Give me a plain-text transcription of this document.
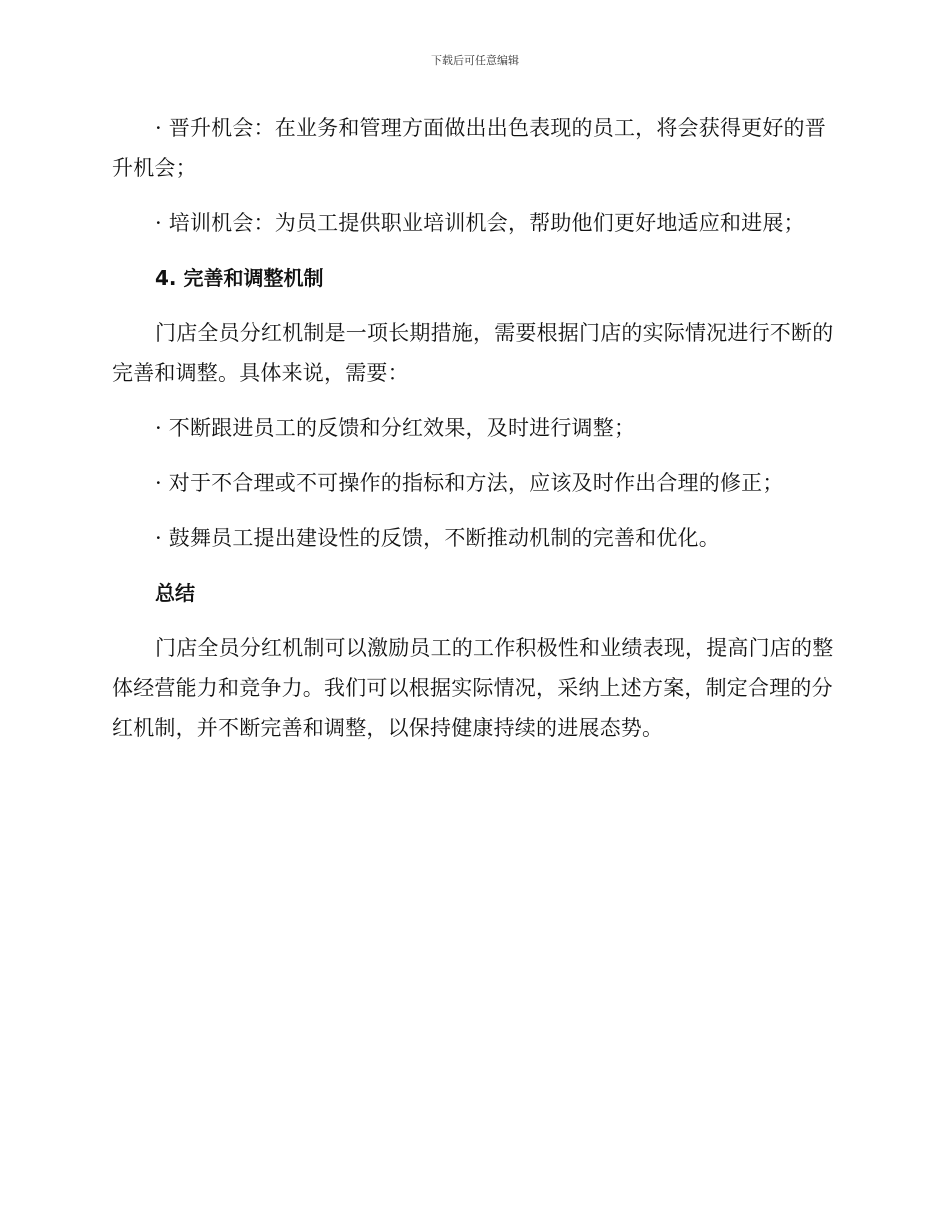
下载后可任意编辑

· 晋升机会：在业务和管理方面做出出色表现的员工，将会获得更好的晋升机会；

· 培训机会：为员工提供职业培训机会，帮助他们更好地适应和进展；

4. 完善和调整机制

门店全员分红机制是一项长期措施，需要根据门店的实际情况进行不断的完善和调整。具体来说，需要：

· 不断跟进员工的反馈和分红效果，及时进行调整；

· 对于不合理或不可操作的指标和方法，应该及时作出合理的修正；

· 鼓舞员工提出建设性的反馈，不断推动机制的完善和优化。

总结

门店全员分红机制可以激励员工的工作积极性和业绩表现，提高门店的整体经营能力和竞争力。我们可以根据实际情况，采纳上述方案，制定合理的分红机制，并不断完善和调整，以保持健康持续的进展态势。
